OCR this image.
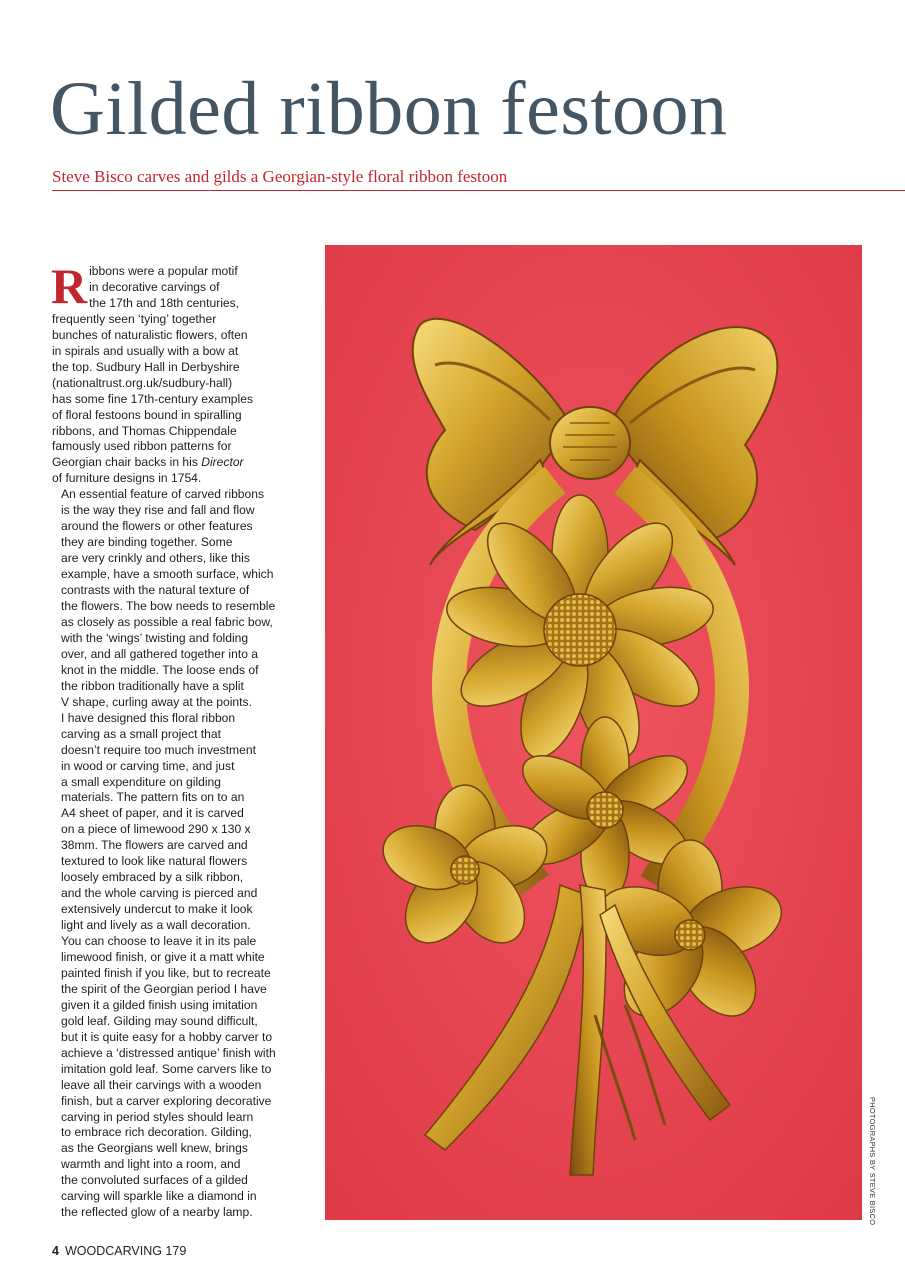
Gilded ribbon festoon

Steve Bisco carves and gilds a Georgian-style floral ribbon festoon

R ibbons were a popular motif
in decorative carvings of
the 17th and 18th centuries,
frequently seen ‘tying’ together
bunches of naturalistic flowers, often
in spirals and usually with a bow at
the top. Sudbury Hall in Derbyshire
(nationaltrust.org.uk/sudbury-hall)
has some fine 17th-century examples
of floral festoons bound in spiralling
ribbons, and Thomas Chippendale
famously used ribbon patterns for
Georgian chair backs in his Director
of furniture designs in 1754.

An essential feature of carved ribbons
is the way they rise and fall and flow
around the flowers or other features
they are binding together. Some
are very crinkly and others, like this
example, have a smooth surface, which
contrasts with the natural texture of
the flowers. The bow needs to resemble
as closely as possible a real fabric bow,
with the ‘wings’ twisting and folding
over, and all gathered together into a
knot in the middle. The loose ends of
the ribbon traditionally have a split
V shape, curling away at the points.

I have designed this floral ribbon
carving as a small project that
doesn’t require too much investment
in wood or carving time, and just
a small expenditure on gilding
materials. The pattern fits on to an
A4 sheet of paper, and it is carved
on a piece of limewood 290 x 130 x
38mm. The flowers are carved and
textured to look like natural flowers
loosely embraced by a silk ribbon,
and the whole carving is pierced and
extensively undercut to make it look
light and lively as a wall decoration.

You can choose to leave it in its pale
limewood finish, or give it a matt white
painted finish if you like, but to recreate
the spirit of the Georgian period I have
given it a gilded finish using imitation
gold leaf. Gilding may sound difficult,
but it is quite easy for a hobby carver to
achieve a ‘distressed antique’ finish with
imitation gold leaf. Some carvers like to
leave all their carvings with a wooden
finish, but a carver exploring decorative
carving in period styles should learn
to embrace rich decoration. Gilding,
as the Georgians well knew, brings
warmth and light into a room, and
the convoluted surfaces of a gilded
carving will sparkle like a diamond in
the reflected glow of a nearby lamp.	PHOTOGRAPHS BY STEVE BISCO
4 WOODCARVING 179
